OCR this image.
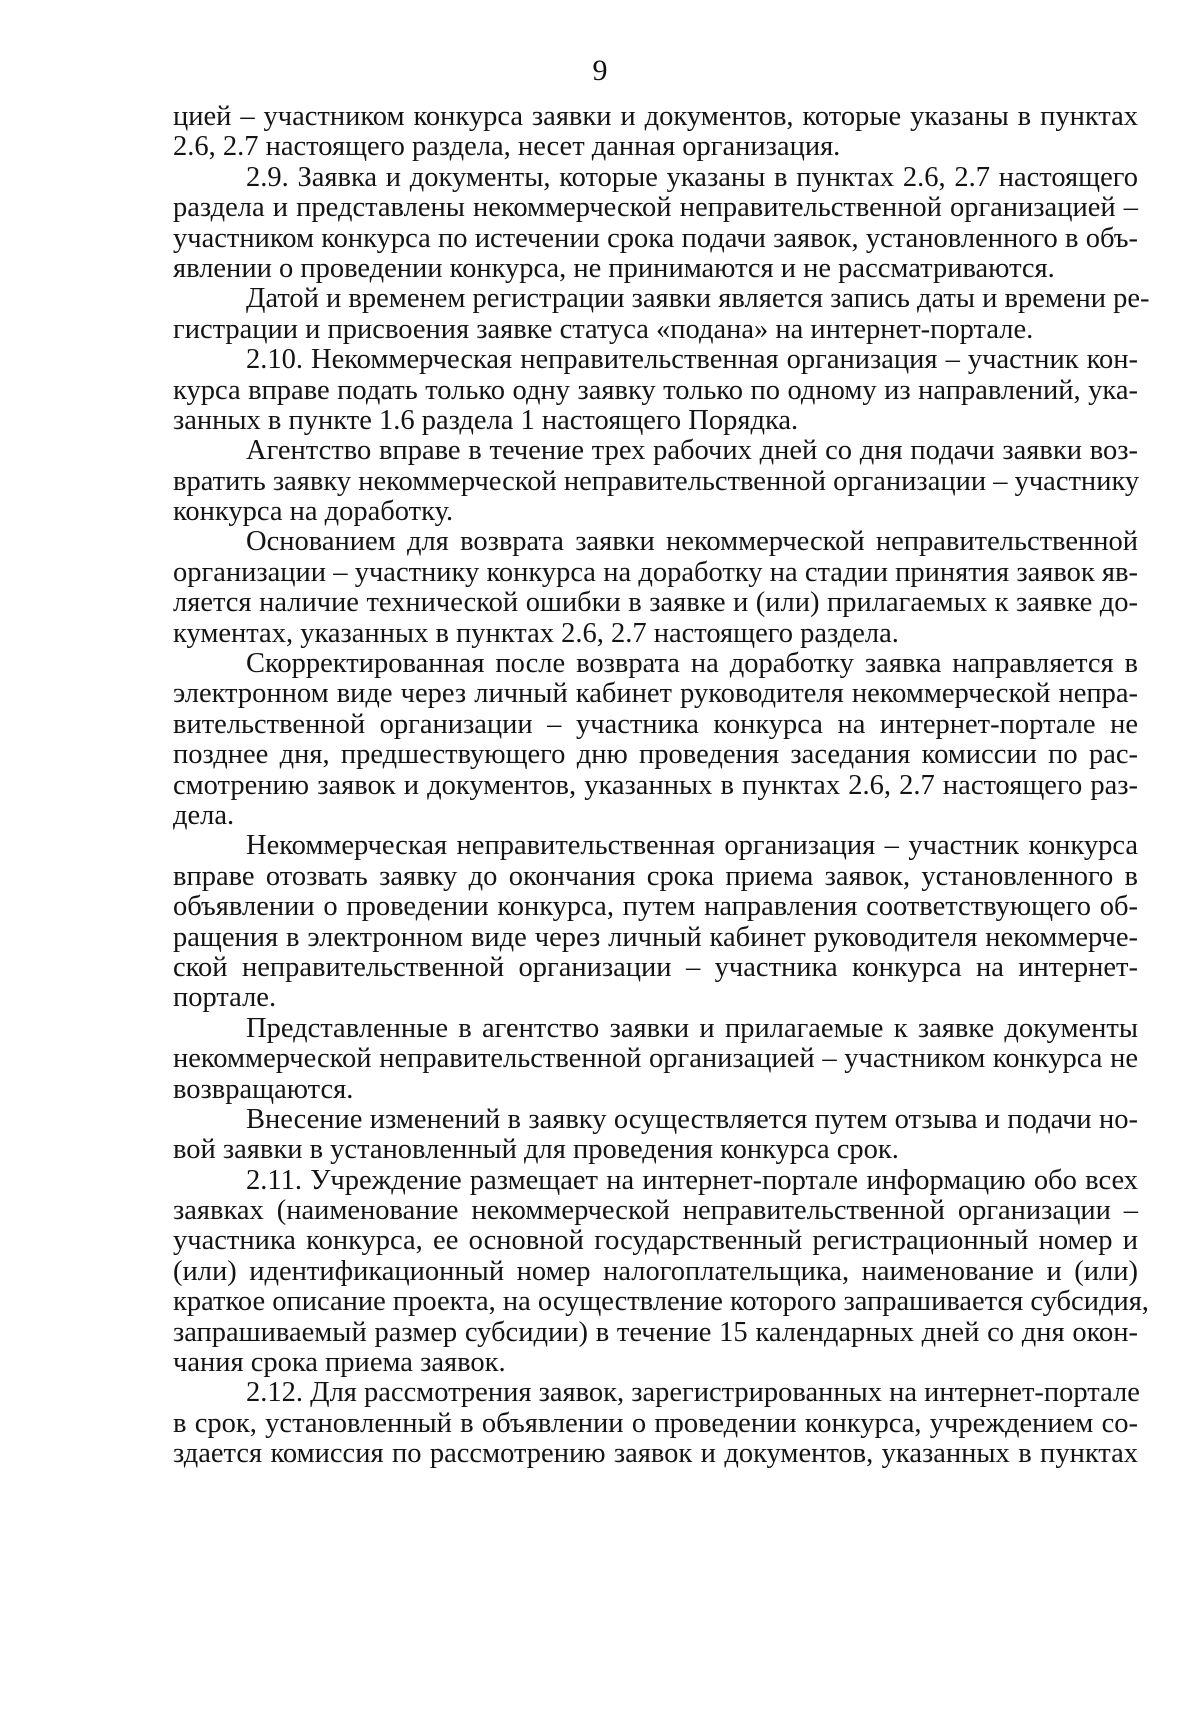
9
цией – участником конкурса заявки и документов, которые указаны в пунктах
2.6, 2.7 настоящего раздела, несет данная организация.
2.9. Заявка и документы, которые указаны в пунктах 2.6, 2.7 настоящего
раздела и представлены некоммерческой неправительственной организацией –
участником конкурса по истечении срока подачи заявок, установленного в объ-
явлении о проведении конкурса, не принимаются и не рассматриваются.
Датой и временем регистрации заявки является запись даты и времени ре-
гистрации и присвоения заявке статуса «подана» на интернет-портале.
2.10. Некоммерческая неправительственная организация – участник кон-
курса вправе подать только одну заявку только по одному из направлений, ука-
занных в пункте 1.6 раздела 1 настоящего Порядка.
Агентство вправе в течение трех рабочих дней со дня подачи заявки воз-
вратить заявку некоммерческой неправительственной организации – участнику
конкурса на доработку.
Основанием для возврата заявки некоммерческой неправительственной
организации – участнику конкурса на доработку на стадии принятия заявок яв-
ляется наличие технической ошибки в заявке и (или) прилагаемых к заявке до-
кументах, указанных в пунктах 2.6, 2.7 настоящего раздела.
Скорректированная после возврата на доработку заявка направляется в
электронном виде через личный кабинет руководителя некоммерческой непра-
вительственной организации – участника конкурса на интернет-портале не
позднее дня, предшествующего дню проведения заседания комиссии по рас-
смотрению заявок и документов, указанных в пунктах 2.6, 2.7 настоящего раз-
дела.
Некоммерческая неправительственная организация – участник конкурса
вправе отозвать заявку до окончания срока приема заявок, установленного в
объявлении о проведении конкурса, путем направления соответствующего об-
ращения в электронном виде через личный кабинет руководителя некоммерче-
ской неправительственной организации – участника конкурса на интернет-
портале.
Представленные в агентство заявки и прилагаемые к заявке документы
некоммерческой неправительственной организацией – участником конкурса не
возвращаются.
Внесение изменений в заявку осуществляется путем отзыва и подачи но-
вой заявки в установленный для проведения конкурса срок.
2.11. Учреждение размещает на интернет-портале информацию обо всех
заявках (наименование некоммерческой неправительственной организации –
участника конкурса, ее основной государственный регистрационный номер и
(или) идентификационный номер налогоплательщика, наименование и (или)
краткое описание проекта, на осуществление которого запрашивается субсидия,
запрашиваемый размер субсидии) в течение 15 календарных дней со дня окон-
чания срока приема заявок.
2.12. Для рассмотрения заявок, зарегистрированных на интернет-портале
в срок, установленный в объявлении о проведении конкурса, учреждением со-
здается комиссия по рассмотрению заявок и документов, указанных в пунктах
